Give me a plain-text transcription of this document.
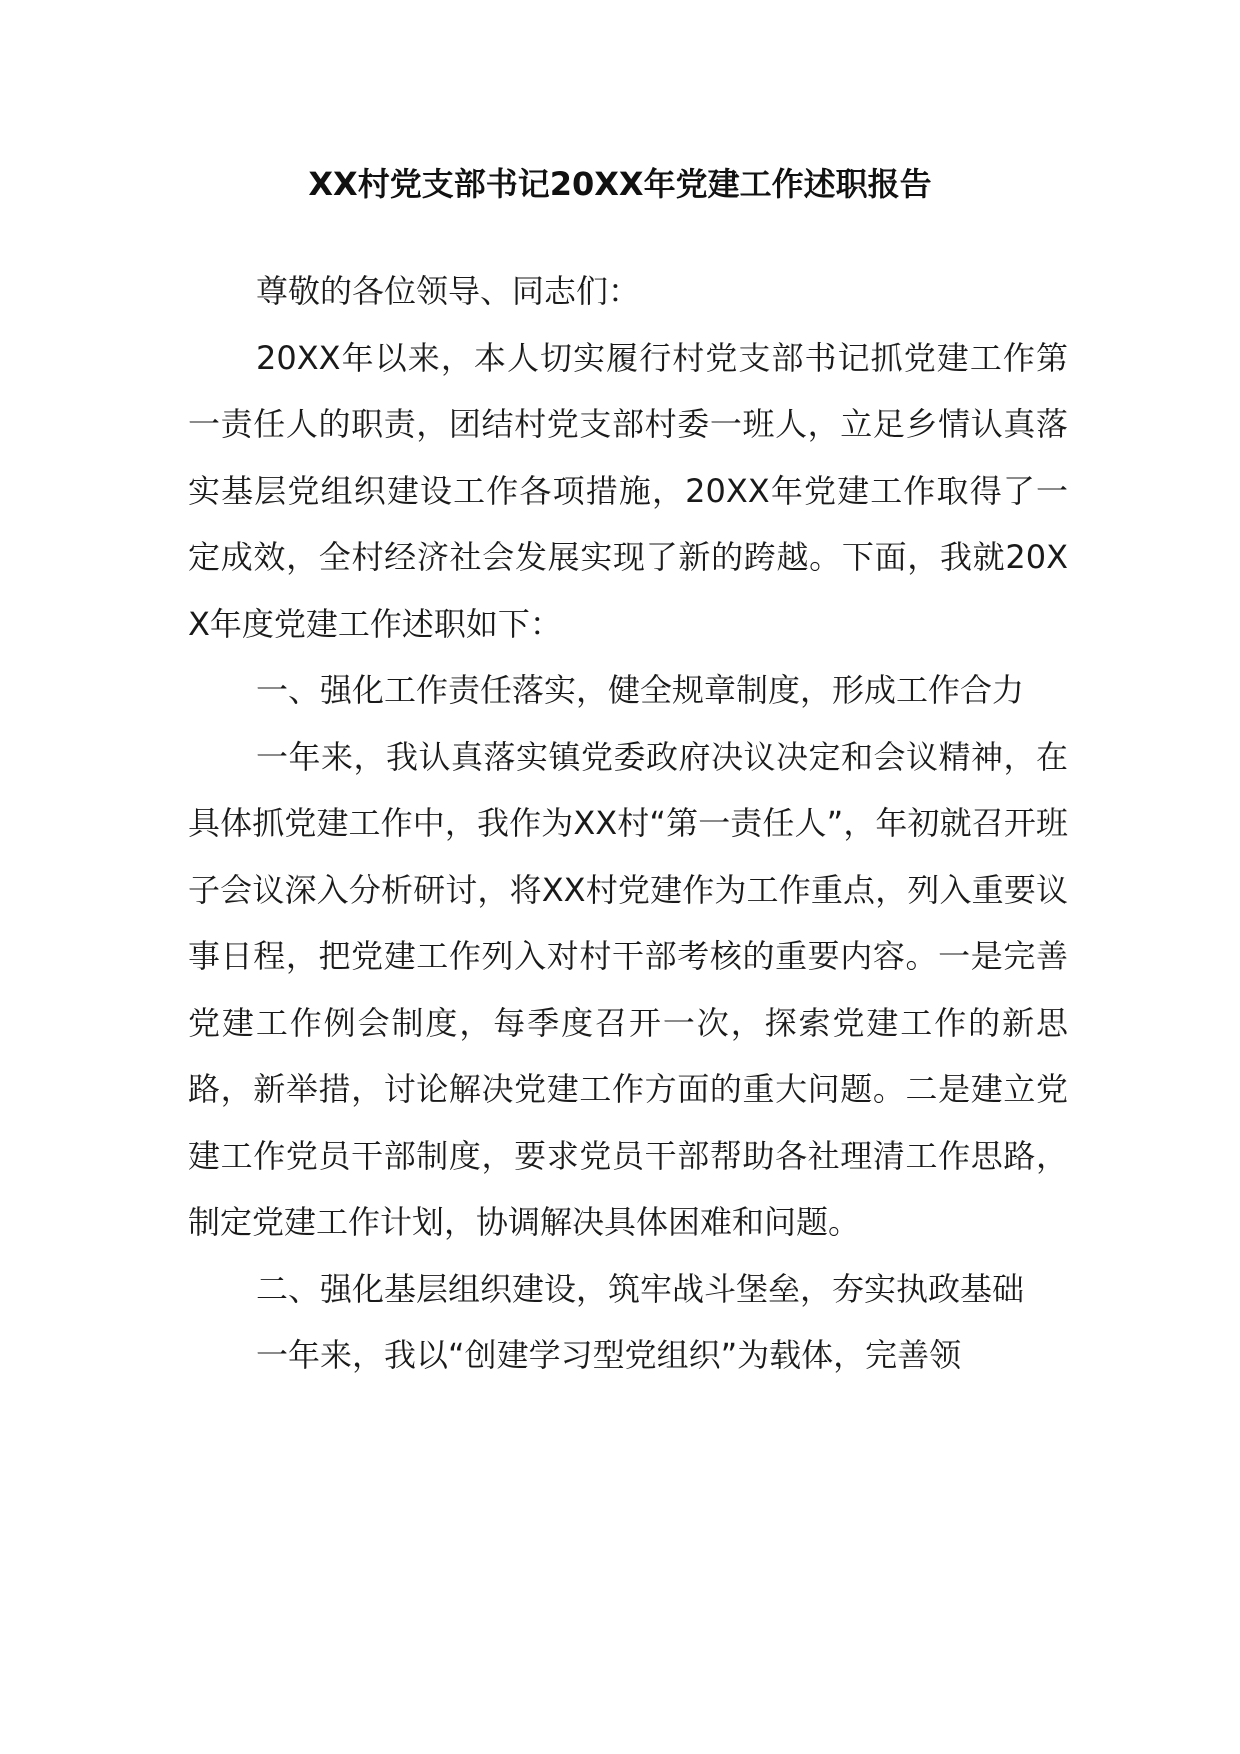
XX村党支部书记20XX年党建工作述职报告

尊敬的各位领导、同志们：

20XX年以来，本人切实履行村党支部书记抓党建工作第一责任人的职责，团结村党支部村委一班人，立足乡情认真落实基层党组织建设工作各项措施，20XX年党建工作取得了一定成效，全村经济社会发展实现了新的跨越。下面，我就20XX年度党建工作述职如下：

一、强化工作责任落实，健全规章制度，形成工作合力

一年来，我认真落实镇党委政府决议决定和会议精神，在具体抓党建工作中，我作为XX村“第一责任人”，年初就召开班子会议深入分析研讨，将XX村党建作为工作重点，列入重要议事日程，把党建工作列入对村干部考核的重要内容。一是完善党建工作例会制度，每季度召开一次，探索党建工作的新思路，新举措，讨论解决党建工作方面的重大问题。二是建立党建工作党员干部制度，要求党员干部帮助各社理清工作思路，制定党建工作计划，协调解决具体困难和问题。

二、强化基层组织建设，筑牢战斗堡垒，夯实执政基础

一年来，我以“创建学习型党组织”为载体，完善领
